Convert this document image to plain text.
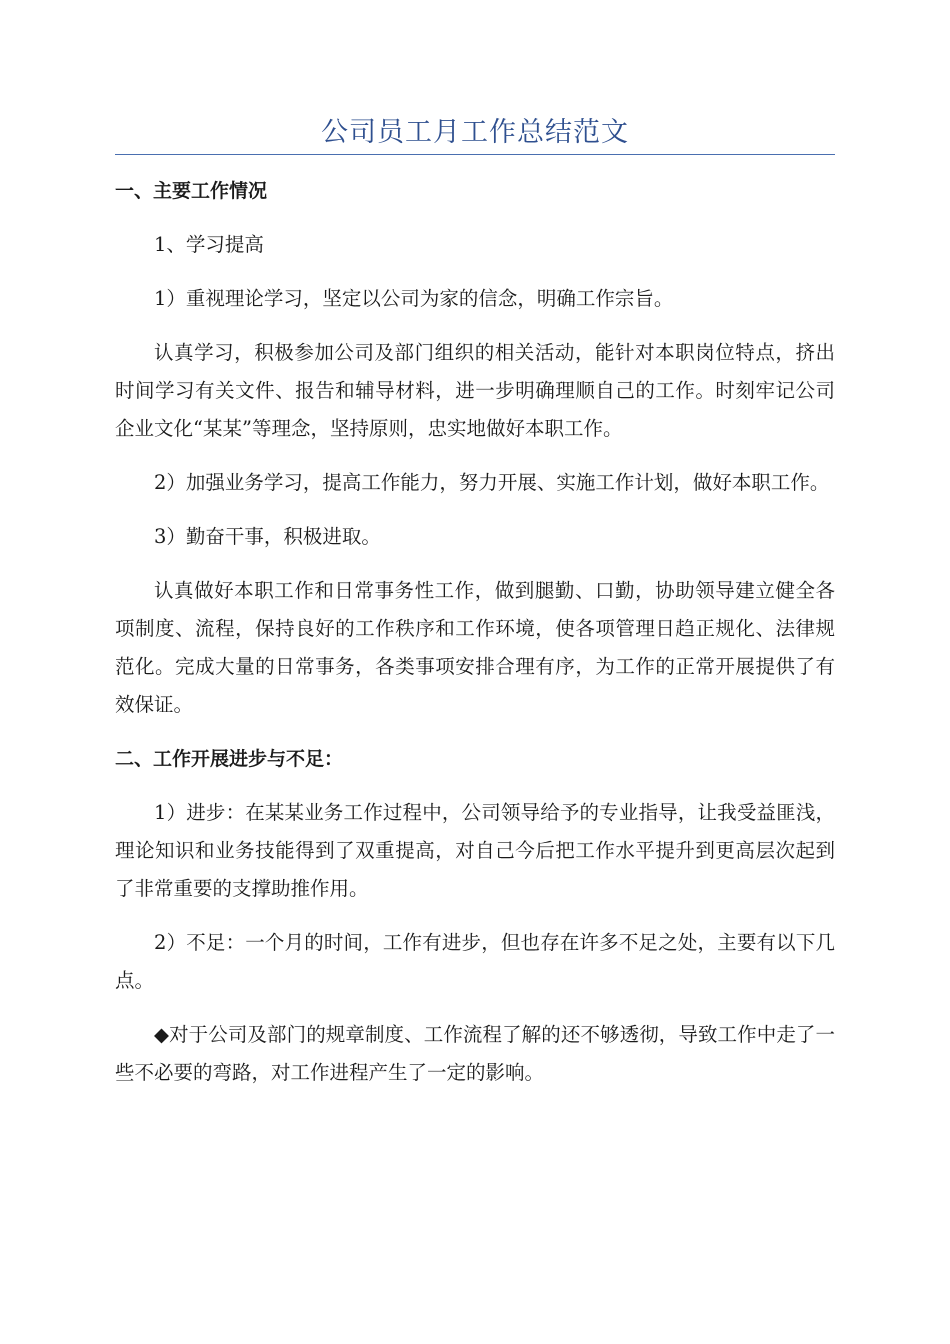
公司员工月工作总结范文
一、主要工作情况
1、学习提高
1）重视理论学习，坚定以公司为家的信念，明确工作宗旨。
认真学习，积极参加公司及部门组织的相关活动，能针对本职岗位特点，挤出时间学习有关文件、报告和辅导材料，进一步明确理顺自己的工作。时刻牢记公司企业文化“某某”等理念，坚持原则，忠实地做好本职工作。
2）加强业务学习，提高工作能力，努力开展、实施工作计划，做好本职工作。
3）勤奋干事，积极进取。
认真做好本职工作和日常事务性工作，做到腿勤、口勤，协助领导建立健全各项制度、流程，保持良好的工作秩序和工作环境，使各项管理日趋正规化、法律规范化。完成大量的日常事务，各类事项安排合理有序，为工作的正常开展提供了有效保证。
二、工作开展进步与不足：
1）进步：在某某业务工作过程中，公司领导给予的专业指导，让我受益匪浅，理论知识和业务技能得到了双重提高，对自己今后把工作水平提升到更高层次起到了非常重要的支撑助推作用。
2）不足：一个月的时间，工作有进步，但也存在许多不足之处，主要有以下几点。
◆对于公司及部门的规章制度、工作流程了解的还不够透彻，导致工作中走了一些不必要的弯路，对工作进程产生了一定的影响。
